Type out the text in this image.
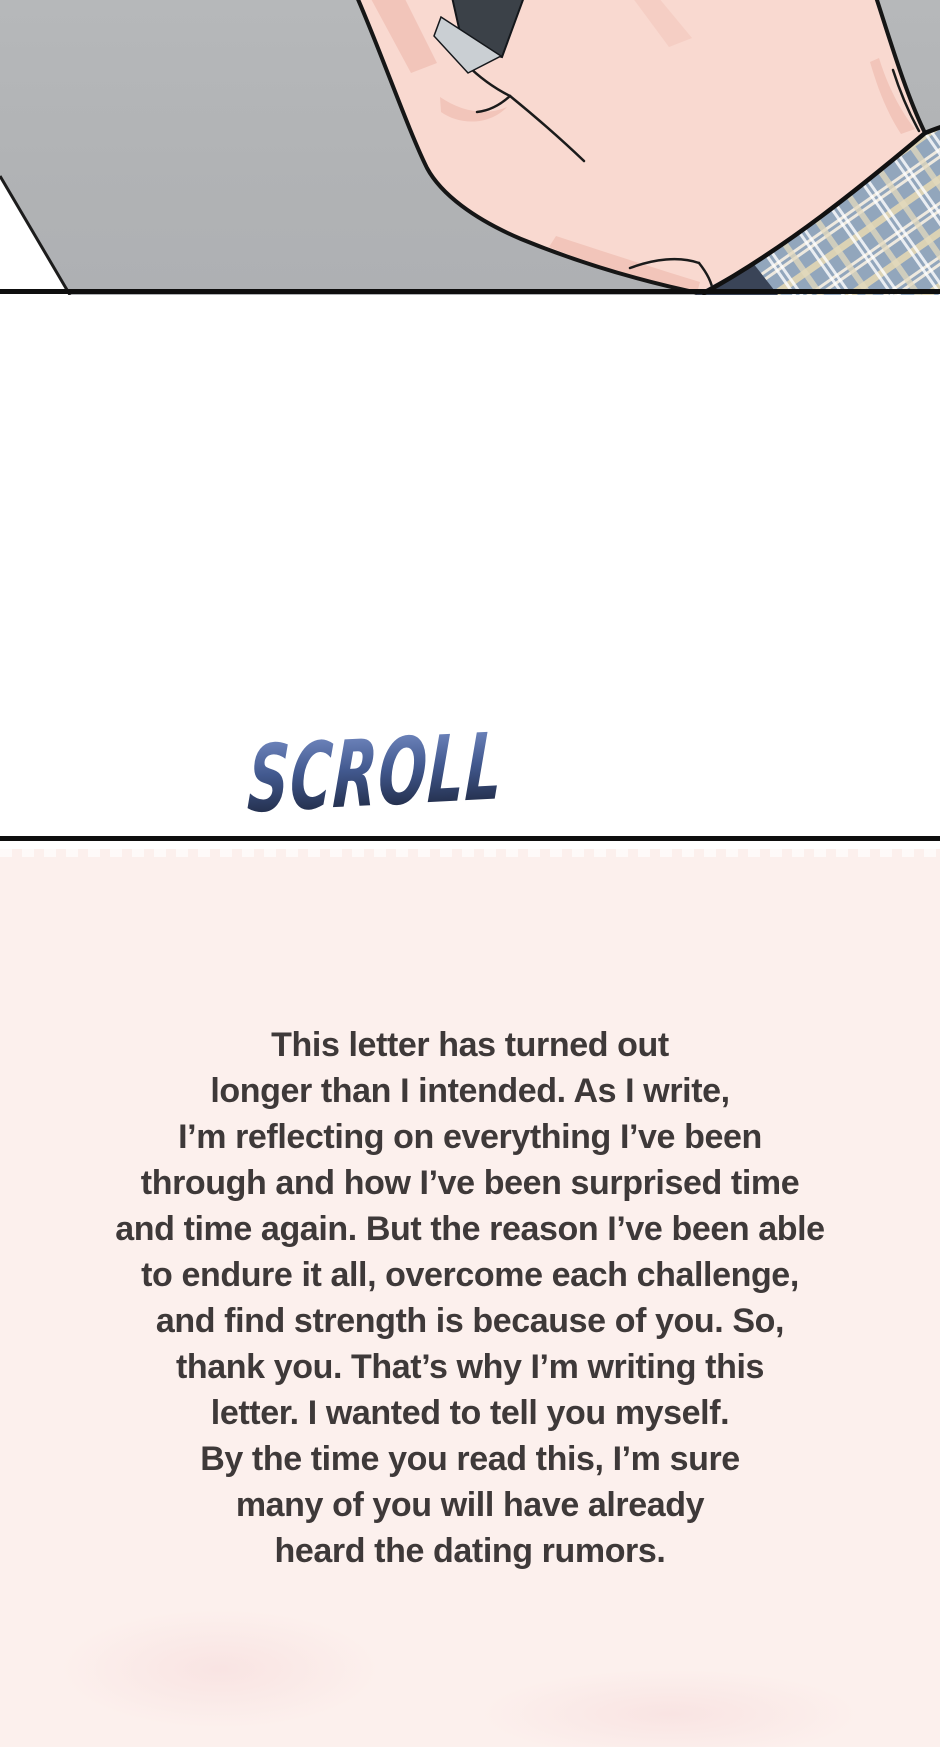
SCROLL
This letter has turned out
longer than I intended. As I write,
I’m reflecting on everything I’ve been
through and how I’ve been surprised time
and time again. But the reason I’ve been able
to endure it all, overcome each challenge,
and find strength is because of you. So,
thank you. That’s why I’m writing this
letter. I wanted to tell you myself.
By the time you read this, I’m sure
many of you will have already
heard the dating rumors.
